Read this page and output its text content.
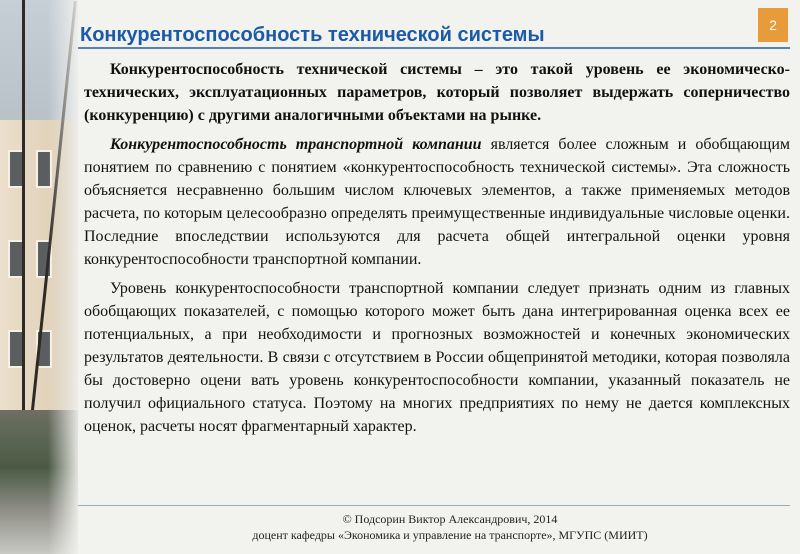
Конкурентоспособность технической системы	2

Конкурентоспособность технической системы – это такой уровень ее экономическо-технических, эксплуатационных параметров, который позволяет выдержать соперничество (конкуренцию) с другими аналогичными объектами на рынке.

Конкурентоспособность транспортной компании является более сложным и обобщающим понятием по сравнению с понятием «конкурентоспособность технической системы». Эта сложность объясняется несравненно большим числом ключевых элементов, а также применяемых методов расчета, по которым целесообразно определять преимущественные индивидуальные числовые оценки. Последние впоследствии используются для расчета общей интегральной оценки уровня конкурентоспособности транспортной компании.

Уровень конкурентоспособности транспортной компании следует признать одним из главных обобщающих показателей, с помощью которого может быть дана интегрированная оценка всех ее потенциальных, а при необходимости и прогнозных возможностей и конечных экономических результатов деятельности. В связи с отсутствием в России общепринятой методики, которая позволяла бы достоверно оцени вать уровень конкурентоспособности компании, указанный показатель не получил официального статуса. Поэтому на многих предприятиях по нему не дается комплексных оценок, расчеты носят фрагментарный характер.

© Подсорин Виктор Александрович, 2014
доцент кафедры «Экономика и управление на транспорте», МГУПС (МИИТ)
